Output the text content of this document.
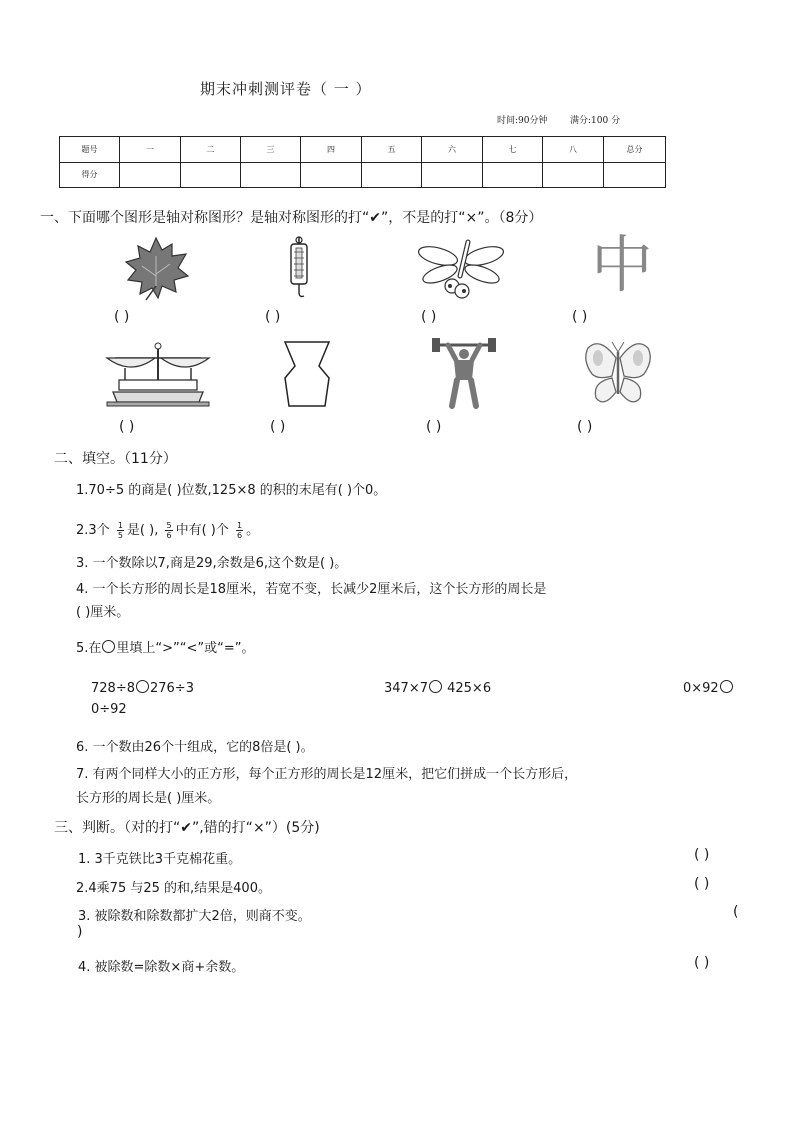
期末冲刺测评卷（ 一 ）
时间:90分钟	满分:100 分
题号	一	二	三	四	五	六	七	八	总分
得分									
一、下面哪个图形是轴对称图形？是轴对称图形的打“✔”，不是的打“×”。（8分）
中
( )	( )	( )	( )
( )	( )	( )	( )
二、填空。（11分）
1.70÷5 的商是( )位数,125×8 的积的末尾有( )个0。
2.3个 $\frac{1}{5}$ 是( ), $\frac{5}{6}$ 中有( )个 $\frac{1}{6}$ 。
3. 一个数除以7,商是29,余数是6,这个数是( )。
4. 一个长方形的周长是18厘米，若宽不变，长减少2厘米后，这个长方形的周长是
( )厘米。
5.在 里填上“>”“<”或“=”。
728÷8 276÷3	347×7 425×6	0×92
0÷92
6. 一个数由26个十组成，它的8倍是( )。
7. 有两个同样大小的正方形，每个正方形的周长是12厘米，把它们拼成一个长方形后，
长方形的周长是( )厘米。
三、判断。（对的打“✔”,错的打“×”）(5分)
1. 3千克铁比3千克棉花重。	( )
2.4乘75 与25 的和,结果是400。	( )
3. 被除数和除数都扩大2倍，则商不变。	(
)
4. 被除数=除数×商+余数。	( )
